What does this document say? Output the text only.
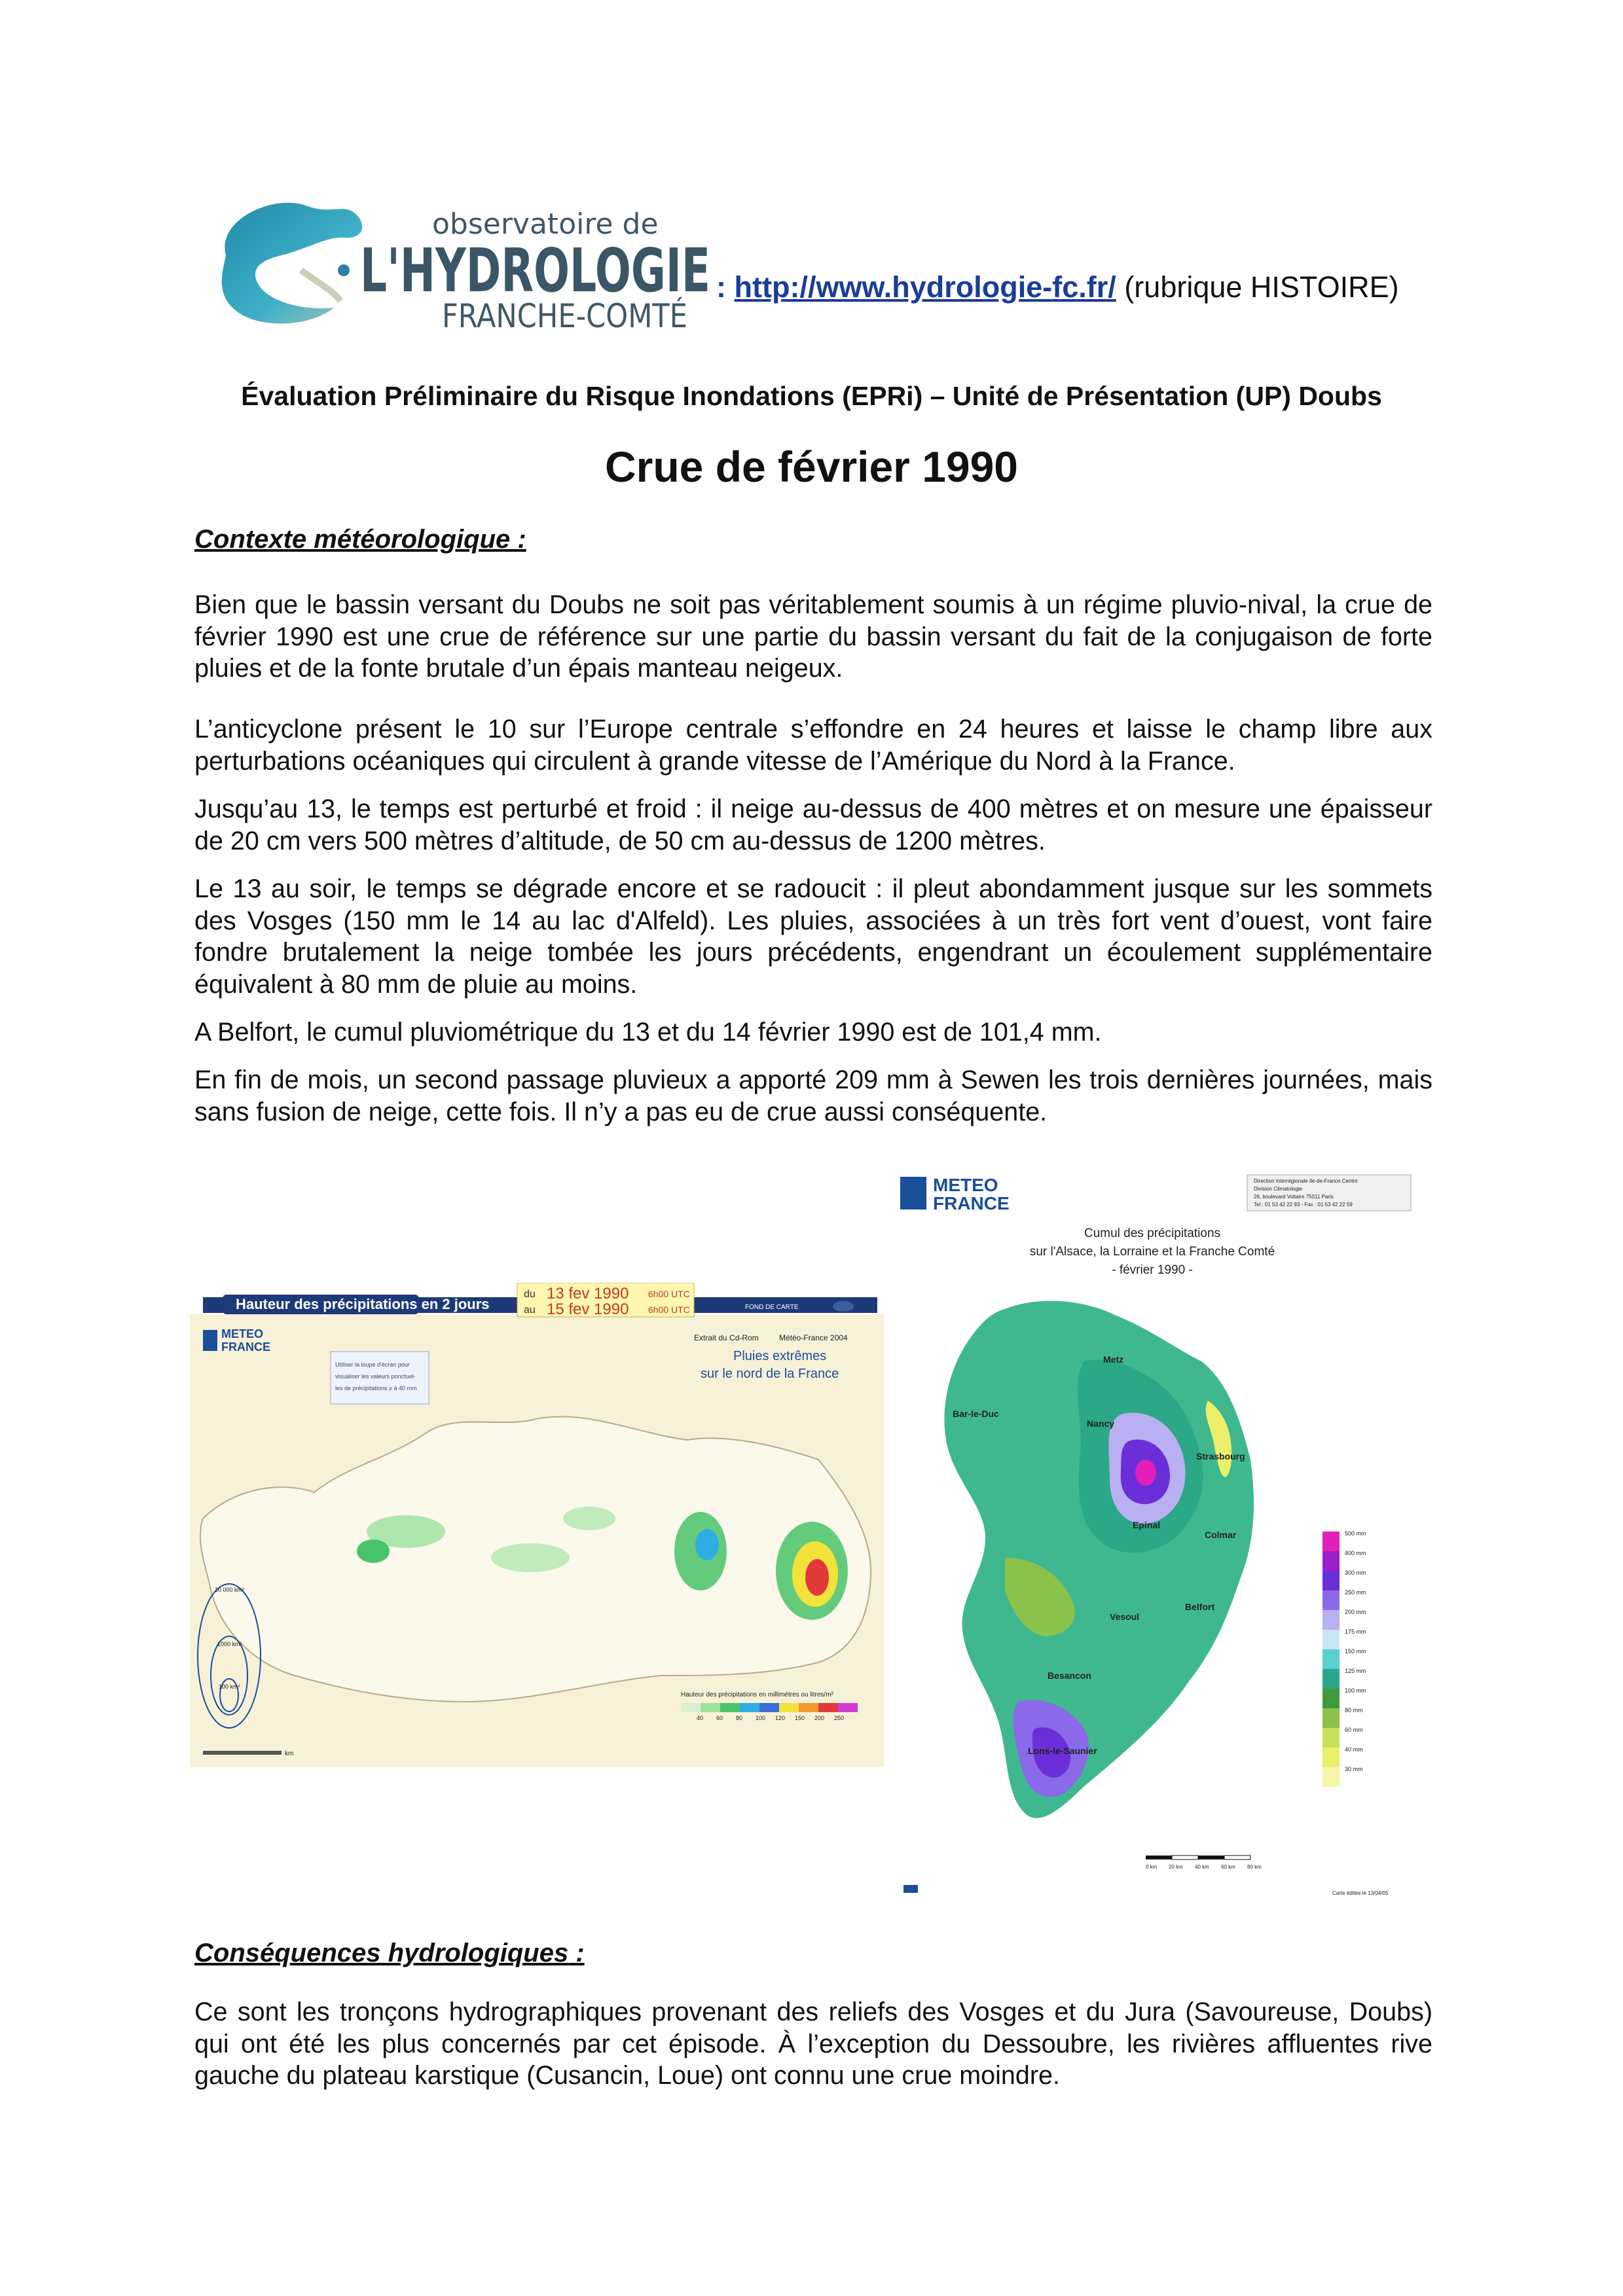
observatoire de
L'HYDROLOGIE
FRANCHE-COMTÉ
: http://www.hydrologie-fc.fr/ (rubrique HISTOIRE)
Évaluation Préliminaire du Risque Inondations (EPRi) – Unité de Présentation (UP) Doubs
Crue de février 1990
Contexte météorologique :
Bien que le bassin versant du Doubs ne soit pas véritablement soumis à un régime pluvio-nival, la crue de février 1990 est une crue de référence sur une partie du bassin versant du fait de la conjugaison de forte pluies et de la fonte brutale d’un épais manteau neigeux.
L’anticyclone présent le 10 sur l’Europe centrale s’effondre en 24 heures et laisse le champ libre aux perturbations océaniques qui circulent à grande vitesse de l’Amérique du Nord à la France.
Jusqu’au 13, le temps est perturbé et froid : il neige au-dessus de 400 mètres et on mesure une épaisseur de 20 cm vers 500 mètres d’altitude, de 50 cm au-dessus de 1200 mètres.
Le 13 au soir, le temps se dégrade encore et se radoucit : il pleut abondamment jusque sur les sommets des Vosges (150 mm le 14 au lac d'Alfeld). Les pluies, associées à un très fort vent d’ouest, vont faire fondre brutalement la neige tombée les jours précédents, engendrant un écoulement supplémentaire équivalent à 80 mm de pluie au moins.
A Belfort, le cumul pluviométrique du 13 et du 14 février 1990 est de 101,4 mm.
En fin de mois, un second passage pluvieux a apporté 209 mm à Sewen les trois dernières journées, mais sans fusion de neige, cette fois. Il n’y a pas eu de crue aussi conséquente.
Hauteur des précipitations en 2 jours
du
au
13 fev 1990
15 fev 1990
6h00 UTC
6h00 UTC	FOND DE CARTE
METEO
FRANCE
Utiliser la loupe d'écran pour
visualiser les valeurs ponctuel-
les de précipitations ≥ à 40 mm
Extrait du Cd-Rom	Météo-France 2004
Pluies extrêmes
sur le nord de la France
10 000 km²
1000 km²
100 km²
km
Hauteur des précipitations en millimètres ou litres/m²
40 60 80 100 120 150 200 250
METEO
FRANCE
Direction Interrégionale Ile-de-France Centre
Division Climatologie
26, boulevard Voltaire 75011 Paris
Tel : 01 53 42 22 93 - Fax : 01 53 42 22 59
Cumul des précipitations
sur l'Alsace, la Lorraine et la Franche Comté
- février 1990 -
Metz
Bar-le-Duc
Nancy
Strasbourg
Epinal
Colmar
Belfort
Vesoul
Besancon
Lons-le-Saunier
500 mm
400 mm
300 mm
250 mm
200 mm
175 mm
150 mm
125 mm
100 mm
80 mm
60 mm
40 mm
30 mm
0 km 20 km 40 km 60 km 80 km
Carte éditée le 13/04/05
Conséquences hydrologiques :
Ce sont les tronçons hydrographiques provenant des reliefs des Vosges et du Jura (Savoureuse, Doubs) qui ont été les plus concernés par cet épisode. À l’exception du Dessoubre, les rivières affluentes rive gauche du plateau karstique (Cusancin, Loue) ont connu une crue moindre.
